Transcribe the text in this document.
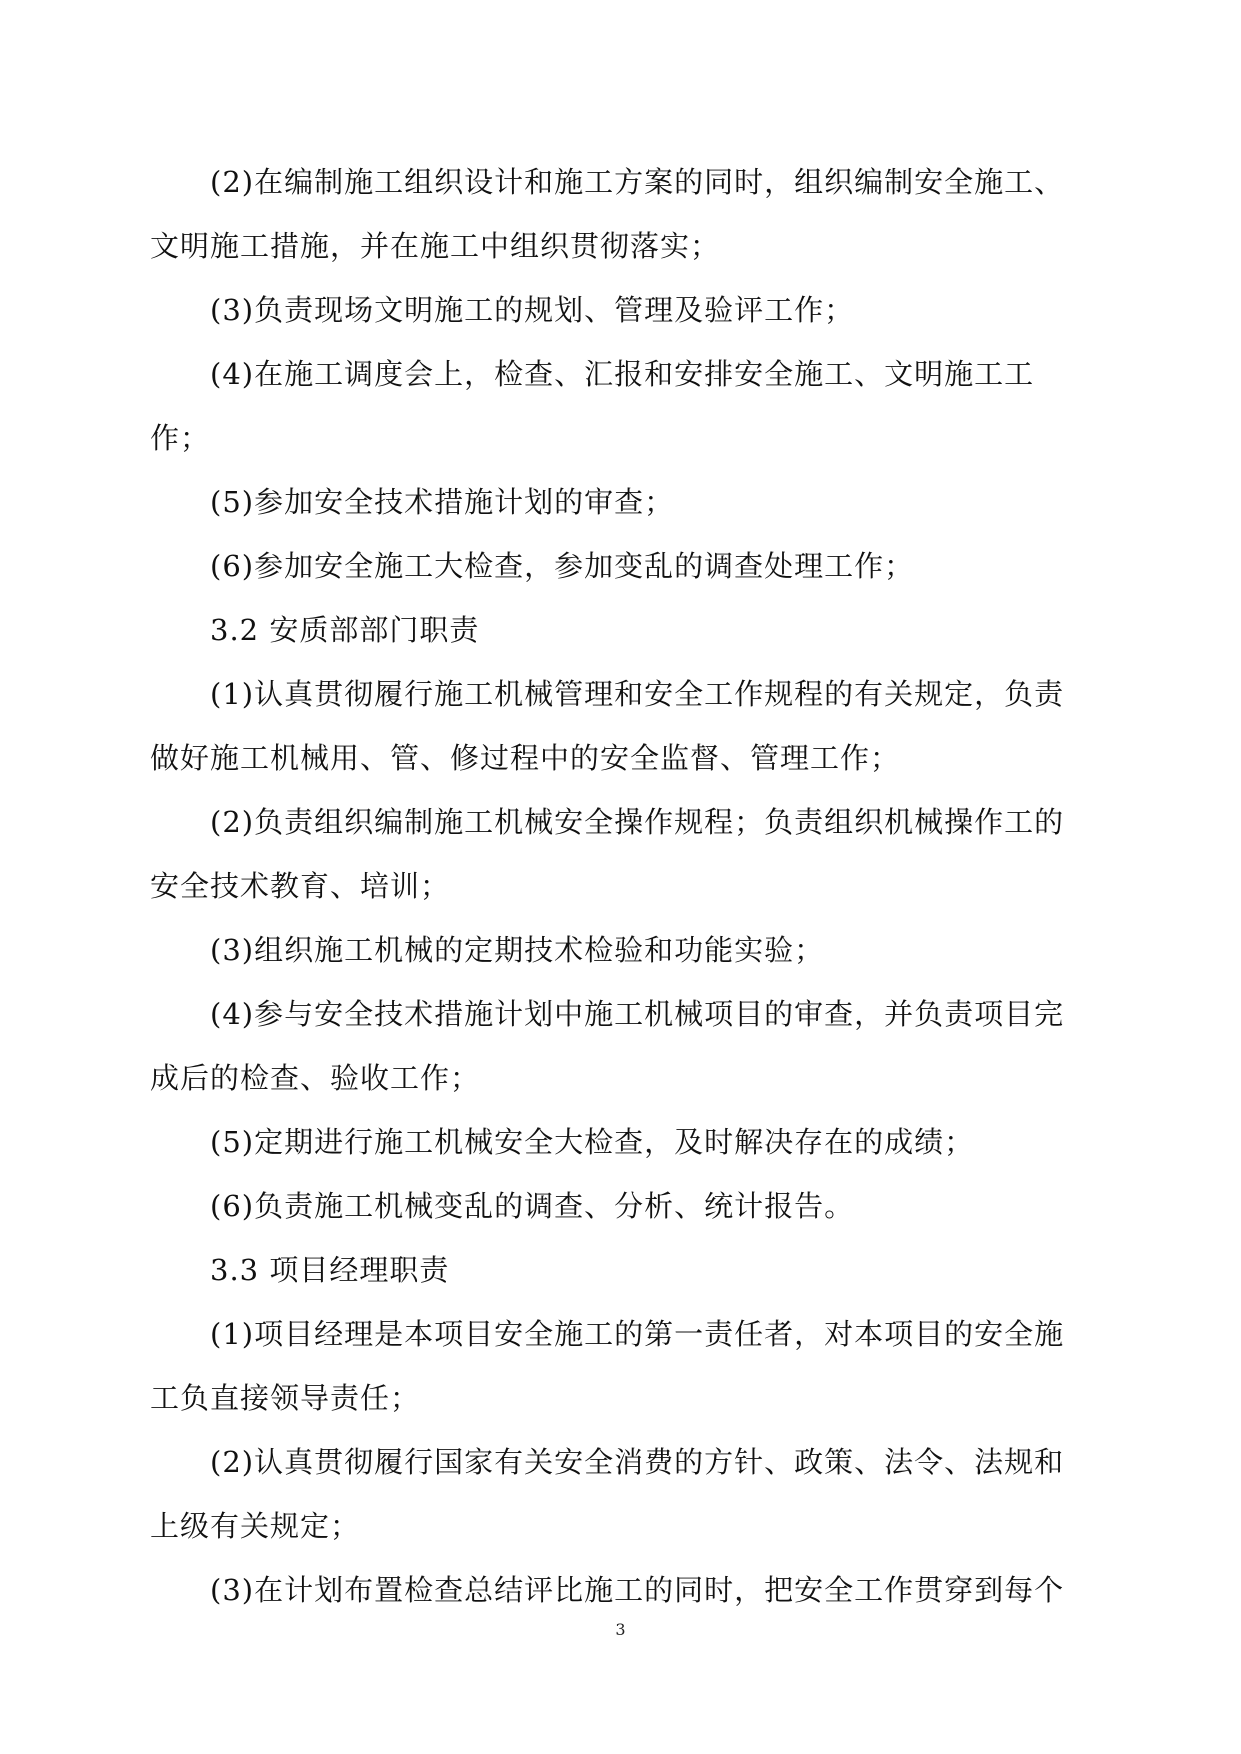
(2)在编制施工组织设计和施工方案的同时，组织编制安全施工、文明施工措施，并在施工中组织贯彻落实；

(3)负责现场文明施工的规划、管理及验评工作；

(4)在施工调度会上，检查、汇报和安排安全施工、文明施工工作；

(5)参加安全技术措施计划的审查；

(6)参加安全施工大检查，参加变乱的调查处理工作；

3.2 安质部部门职责

(1)认真贯彻履行施工机械管理和安全工作规程的有关规定，负责做好施工机械用、管、修过程中的安全监督、管理工作；

(2)负责组织编制施工机械安全操作规程；负责组织机械操作工的安全技术教育、培训；

(3)组织施工机械的定期技术检验和功能实验；

(4)参与安全技术措施计划中施工机械项目的审查，并负责项目完成后的检查、验收工作；

(5)定期进行施工机械安全大检查，及时解决存在的成绩；

(6)负责施工机械变乱的调查、分析、统计报告。

3.3 项目经理职责

(1)项目经理是本项目安全施工的第一责任者，对本项目的安全施工负直接领导责任；

(2)认真贯彻履行国家有关安全消费的方针、政策、法令、法规和上级有关规定；

(3)在计划布置检查总结评比施工的同时，把安全工作贯穿到每个

3
